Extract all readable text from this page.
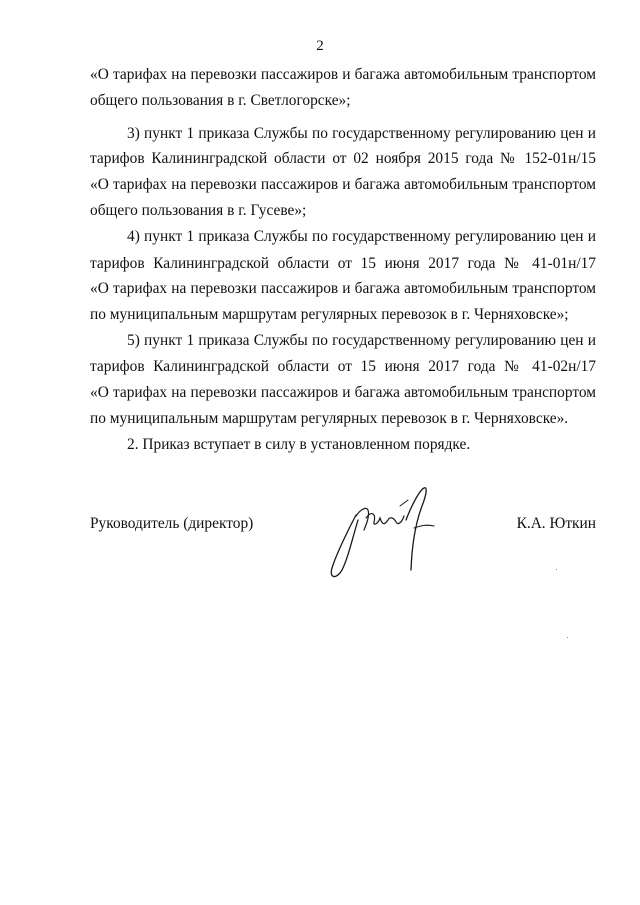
2
«О тарифах на перевозки пассажиров и багажа автомобильным транспортом
общего пользования в г. Светлогорске»;
3) пункт 1 приказа Службы по государственному регулированию цен и
тарифов Калининградской области от 02 ноября 2015 года № 152-01н/15
«О тарифах на перевозки пассажиров и багажа автомобильным транспортом
общего пользования в г. Гусеве»;
4) пункт 1 приказа Службы по государственному регулированию цен и
тарифов Калининградской области от 15 июня 2017 года № 41-01н/17
«О тарифах на перевозки пассажиров и багажа автомобильным транспортом
по муниципальным маршрутам регулярных перевозок в г. Черняховске»;
5) пункт 1 приказа Службы по государственному регулированию цен и
тарифов Калининградской области от 15 июня 2017 года № 41-02н/17
«О тарифах на перевозки пассажиров и багажа автомобильным транспортом
по муниципальным маршрутам регулярных перевозок в г. Черняховске».
2. Приказ вступает в силу в установленном порядке.
Руководитель (директор)	К.А. Юткин
